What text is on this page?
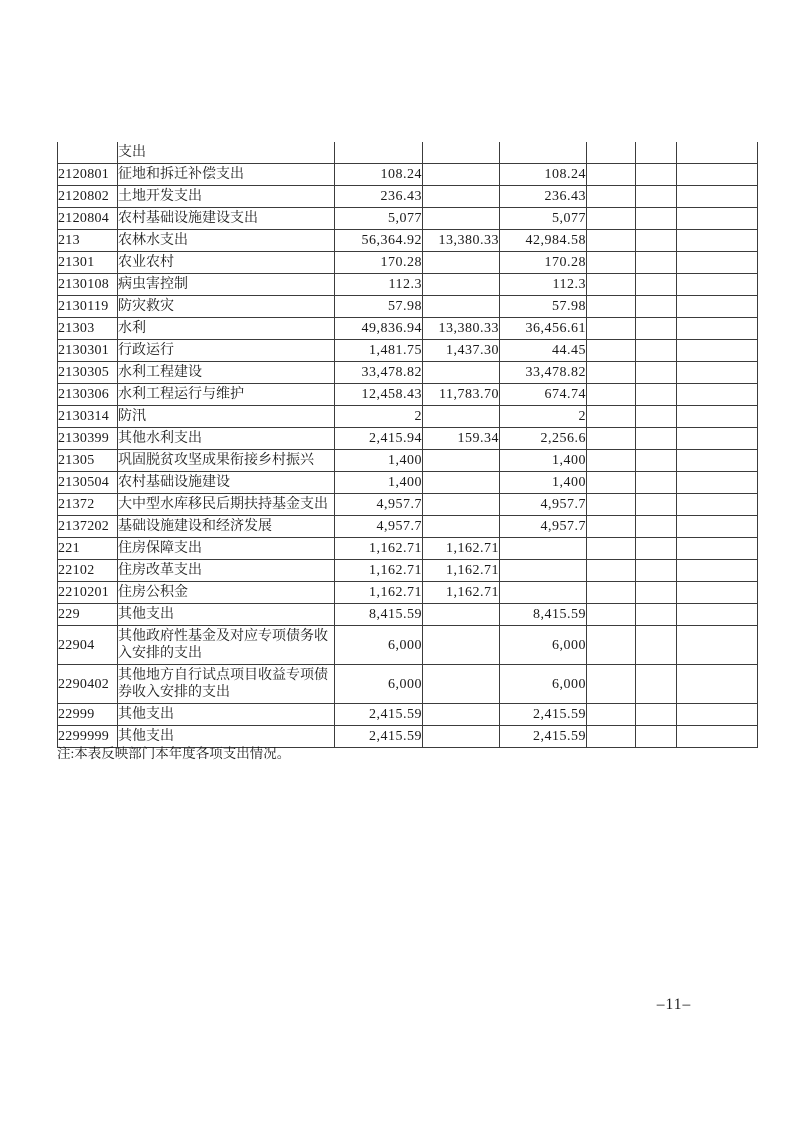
	支出						
2120801	征地和拆迁补偿支出	108.24		108.24			
2120802	土地开发支出	236.43		236.43			
2120804	农村基础设施建设支出	5,077		5,077			
213	农林水支出	56,364.92	13,380.33	42,984.58			
21301	农业农村	170.28		170.28			
2130108	病虫害控制	112.3		112.3			
2130119	防灾救灾	57.98		57.98			
21303	水利	49,836.94	13,380.33	36,456.61			
2130301	行政运行	1,481.75	1,437.30	44.45			
2130305	水利工程建设	33,478.82		33,478.82			
2130306	水利工程运行与维护	12,458.43	11,783.70	674.74			
2130314	防汛	2		2			
2130399	其他水利支出	2,415.94	159.34	2,256.6			
21305	巩固脱贫攻坚成果衔接乡村振兴	1,400		1,400			
2130504	农村基础设施建设	1,400		1,400			
21372	大中型水库移民后期扶持基金支出	4,957.7		4,957.7			
2137202	基础设施建设和经济发展	4,957.7		4,957.7			
221	住房保障支出	1,162.71	1,162.71				
22102	住房改革支出	1,162.71	1,162.71				
2210201	住房公积金	1,162.71	1,162.71				
229	其他支出	8,415.59		8,415.59			
22904	其他政府性基金及对应专项债务收入安排的支出	6,000		6,000			
2290402	其他地方自行试点项目收益专项债券收入安排的支出	6,000		6,000			
22999	其他支出	2,415.59		2,415.59			
2299999	其他支出	2,415.59		2,415.59			
注:本表反映部门本年度各项支出情况。
–11–
